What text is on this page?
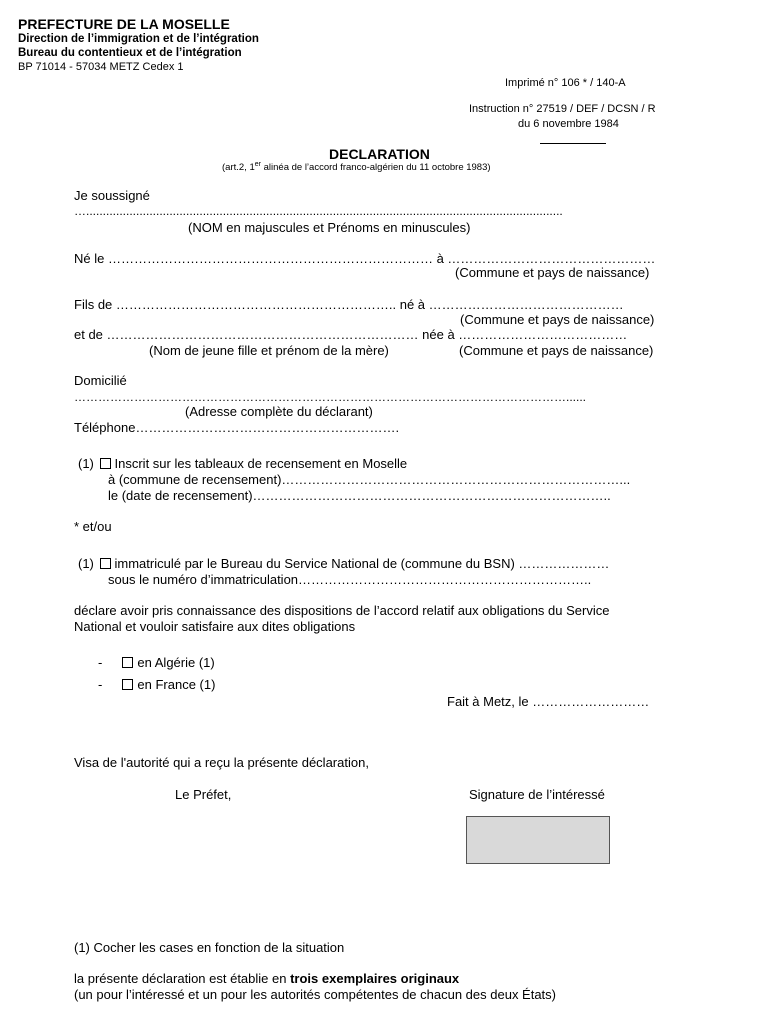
PREFECTURE DE LA MOSELLE
Direction de l’immigration et de l’intégration
Bureau du contentieux et de l’intégration
BP 71014 - 57034 METZ Cedex 1
Imprimé n° 106 * / 140-A
Instruction n° 27519 / DEF / DCSN / R
du 6 novembre 1984
DECLARATION
(art.2, 1er alinéa de l’accord franco-algérien du 11 octobre 1983)
Je soussigné
…...............................................................................................................................................
(NOM en majuscules et Prénoms en minuscules)
Né le ………………………………………………………………… à …………………………………………
(Commune et pays de naissance)
Fils de ……………………………………………………….. né à ………………………………………
(Commune et pays de naissance)
et de ……………………………………………………………… née à …………………………………
(Nom de jeune fille et prénom de la mère)	(Commune et pays de naissance)
Domicilié
……………………………………………………………………………………………………………......
(Adresse complète du déclarant)
Téléphone…………………………………………………….
(1) Inscrit sur les tableaux de recensement en Moselle
à (commune de recensement)……………………………………………………………………...
le (date de recensement)………………………………………………………………………..
* et/ou
(1) immatriculé par le Bureau du Service National de (commune du BSN) …………………
sous le numéro d’immatriculation…………………………………………………………..
déclare avoir pris connaissance des dispositions de l’accord relatif aux obligations du Service
National et vouloir satisfaire aux dites obligations
-	en Algérie (1)
-	en France (1)
Fait à Metz, le ………………………
Visa de l'autorité qui a reçu la présente déclaration,
Le Préfet,	Signature de l’intéressé
(1) Cocher les cases en fonction de la situation
la présente déclaration est établie en trois exemplaires originaux
(un pour l’intéressé et un pour les autorités compétentes de chacun des deux États)
